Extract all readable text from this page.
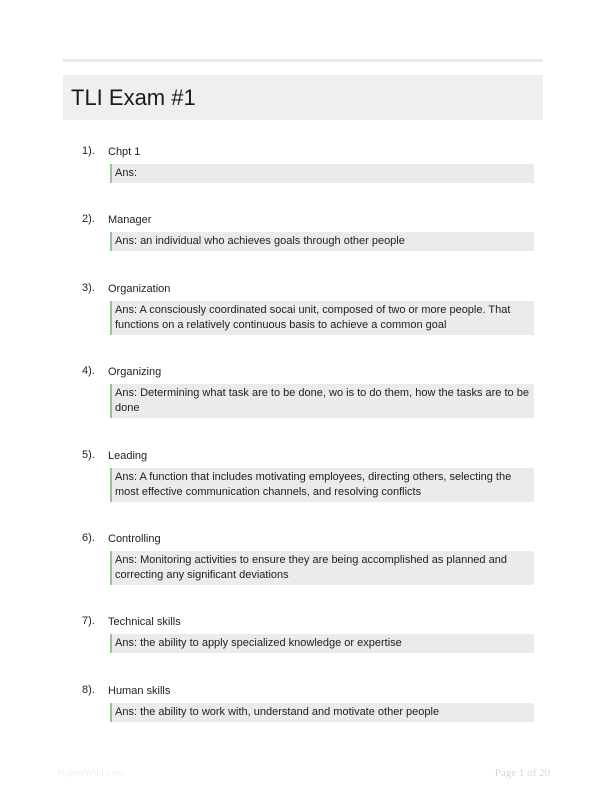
TLI Exam #1
1). Chpt 1
Ans:
2). Manager
Ans: an individual who achieves goals through other people
3). Organization
Ans: A consciously coordinated socai unit, composed of two or more people. That functions on a relatively continuous basis to achieve a common goal
4). Organizing
Ans: Determining what task are to be done, wo is to do them, how the tasks are to be done
5). Leading
Ans: A function that includes motivating employees, directing others, selecting the most effective communication channels, and resolving conflicts
6). Controlling
Ans: Monitoring activities to ensure they are being accomplished as planned and correcting any significant deviations
7). Technical skills
Ans: the ability to apply specialized knowledge or expertise
8). Human skills
Ans: the ability to work with, understand and motivate other people
PaperWiki.com	Page 1 of 20
